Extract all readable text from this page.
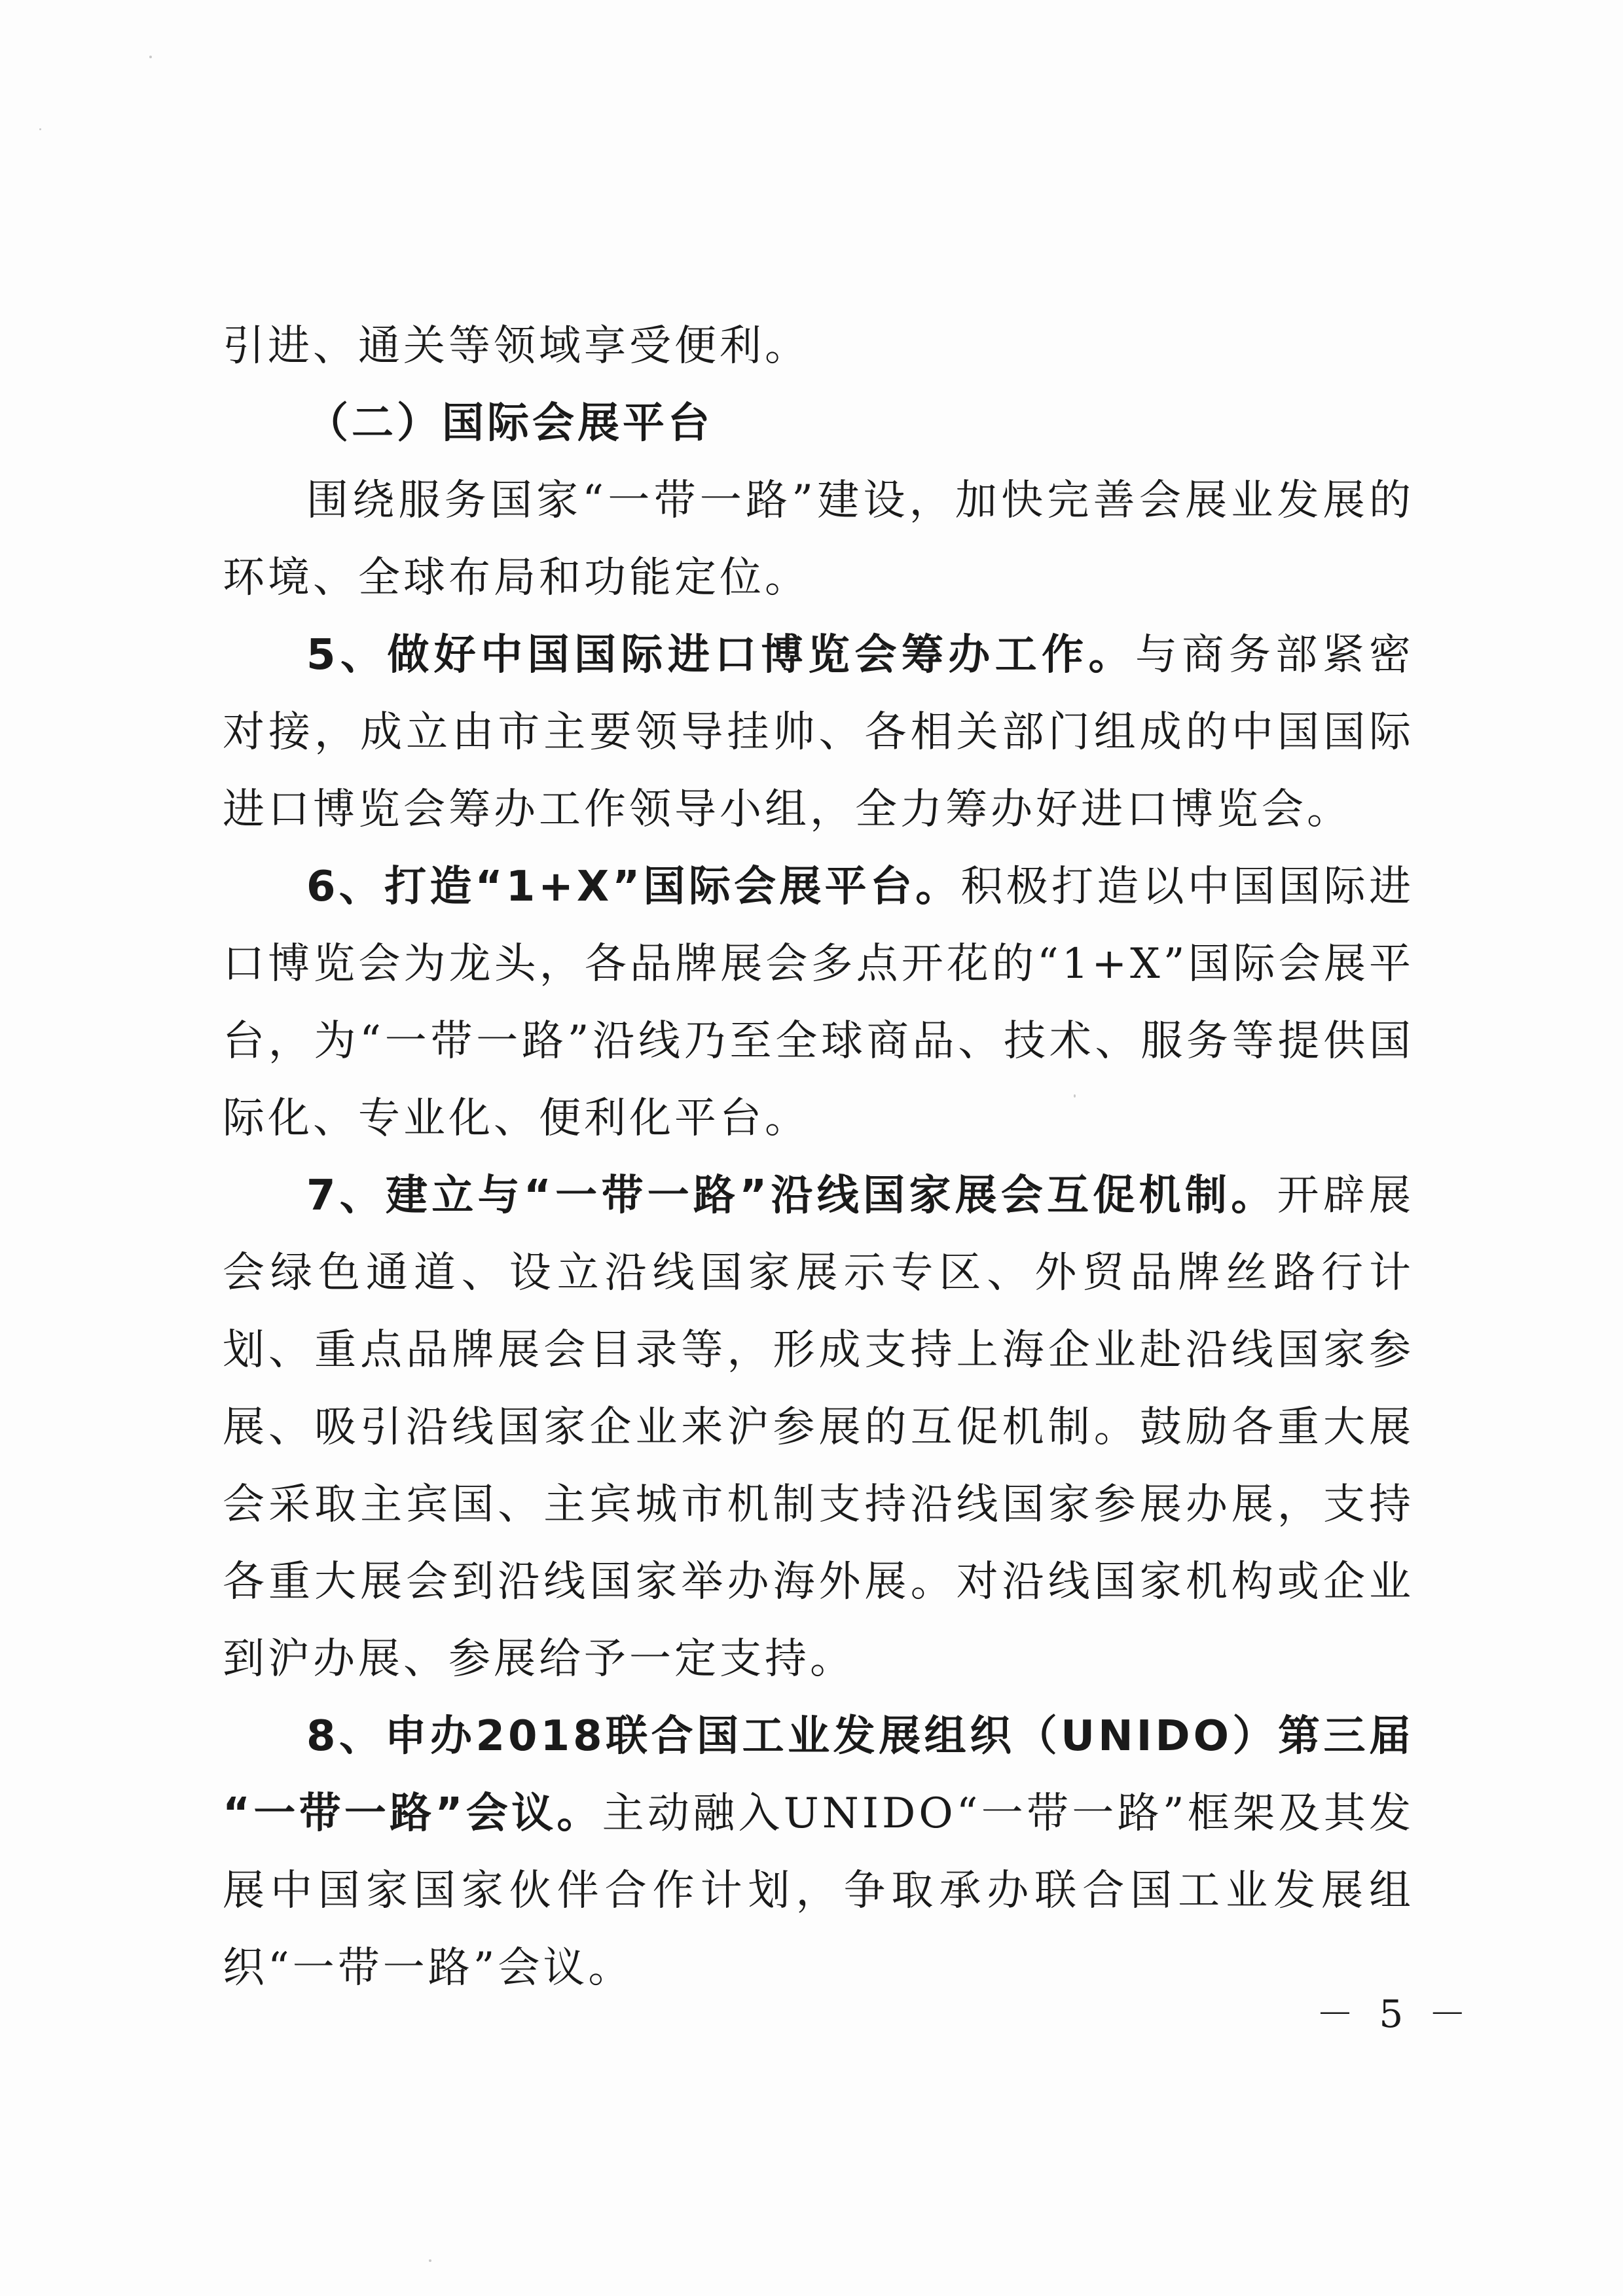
引进、通关等领域享受便利。

（二）国际会展平台

围绕服务国家“一带一路”建设，加快完善会展业发展的环境、全球布局和功能定位。

5、做好中国国际进口博览会筹办工作。与商务部紧密对接，成立由市主要领导挂帅、各相关部门组成的中国国际进口博览会筹办工作领导小组，全力筹办好进口博览会。

6、打造“1+X”国际会展平台。积极打造以中国国际进口博览会为龙头，各品牌展会多点开花的“1+X”国际会展平台，为“一带一路”沿线乃至全球商品、技术、服务等提供国际化、专业化、便利化平台。

7、建立与“一带一路”沿线国家展会互促机制。开辟展会绿色通道、设立沿线国家展示专区、外贸品牌丝路行计划、重点品牌展会目录等，形成支持上海企业赴沿线国家参展、吸引沿线国家企业来沪参展的互促机制。鼓励各重大展会采取主宾国、主宾城市机制支持沿线国家参展办展，支持各重大展会到沿线国家举办海外展。对沿线国家机构或企业到沪办展、参展给予一定支持。

8、申办2018联合国工业发展组织（UNIDO）第三届 “一带一路”会议。主动融入UNIDO“一带一路”框架及其发展中国家国家伙伴合作计划，争取承办联合国工业发展组织“一带一路”会议。

－ 5 －
